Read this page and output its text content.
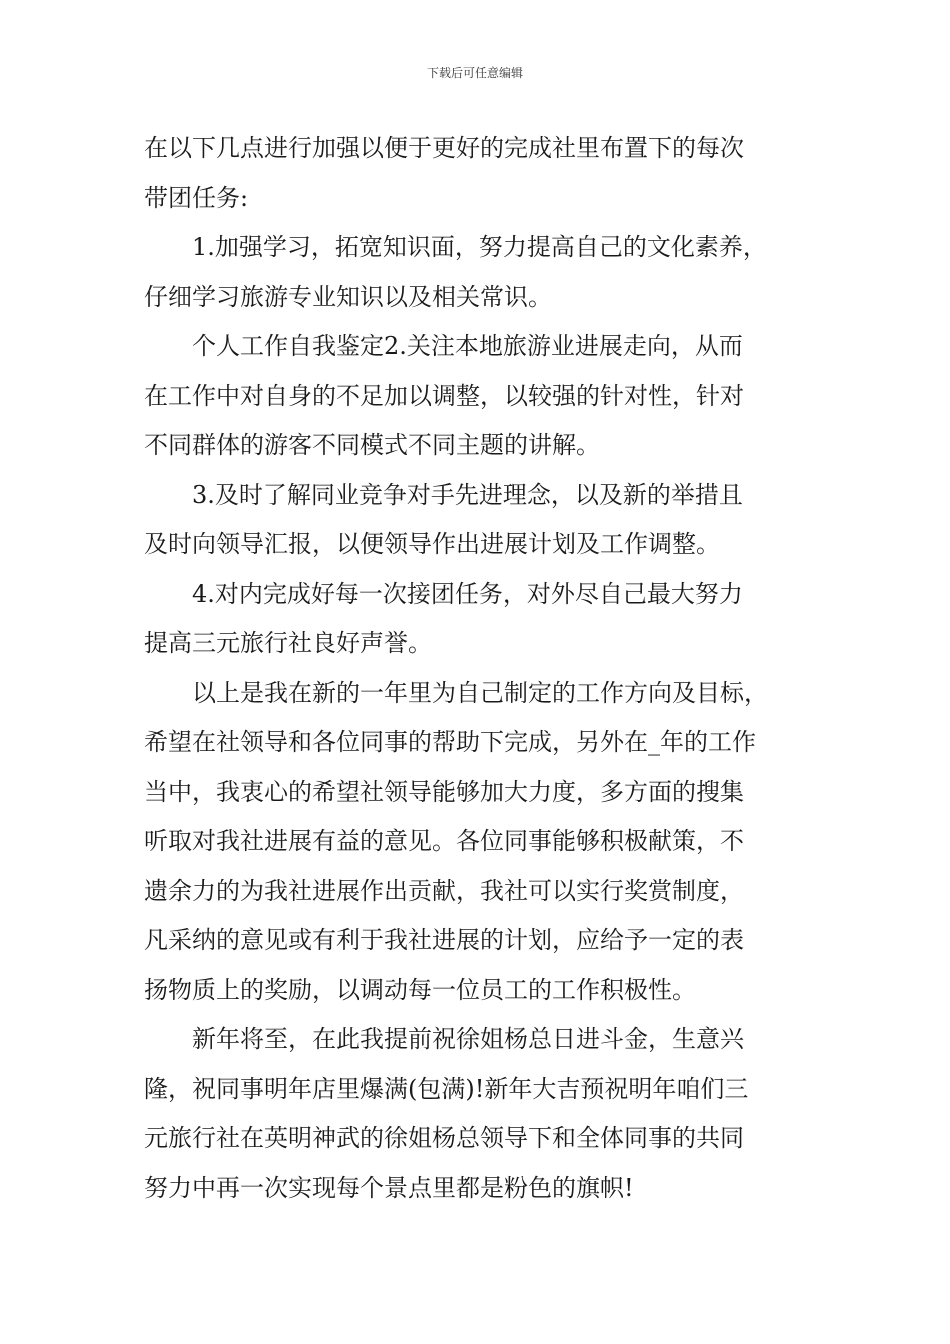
下载后可任意编辑

在以下几点进行加强以便于更好的完成社里布置下的每次
带团任务:

1.加强学习，拓宽知识面，努力提高自己的文化素养，
仔细学习旅游专业知识以及相关常识。

个人工作自我鉴定2.关注本地旅游业进展走向，从而
在工作中对自身的不足加以调整，以较强的针对性，针对
不同群体的游客不同模式不同主题的讲解。

3.及时了解同业竞争对手先进理念，以及新的举措且
及时向领导汇报，以便领导作出进展计划及工作调整。

4.对内完成好每一次接团任务，对外尽自己最大努力
提高三元旅行社良好声誉。

以上是我在新的一年里为自己制定的工作方向及目标，
希望在社领导和各位同事的帮助下完成，另外在_年的工作
当中，我衷心的希望社领导能够加大力度，多方面的搜集
听取对我社进展有益的意见。各位同事能够积极献策，不
遗余力的为我社进展作出贡献，我社可以实行奖赏制度，
凡采纳的意见或有利于我社进展的计划，应给予一定的表
扬物质上的奖励，以调动每一位员工的工作积极性。

新年将至，在此我提前祝徐姐杨总日进斗金，生意兴
隆，祝同事明年店里爆满(包满)!新年大吉预祝明年咱们三
元旅行社在英明神武的徐姐杨总领导下和全体同事的共同
努力中再一次实现每个景点里都是粉色的旗帜!
